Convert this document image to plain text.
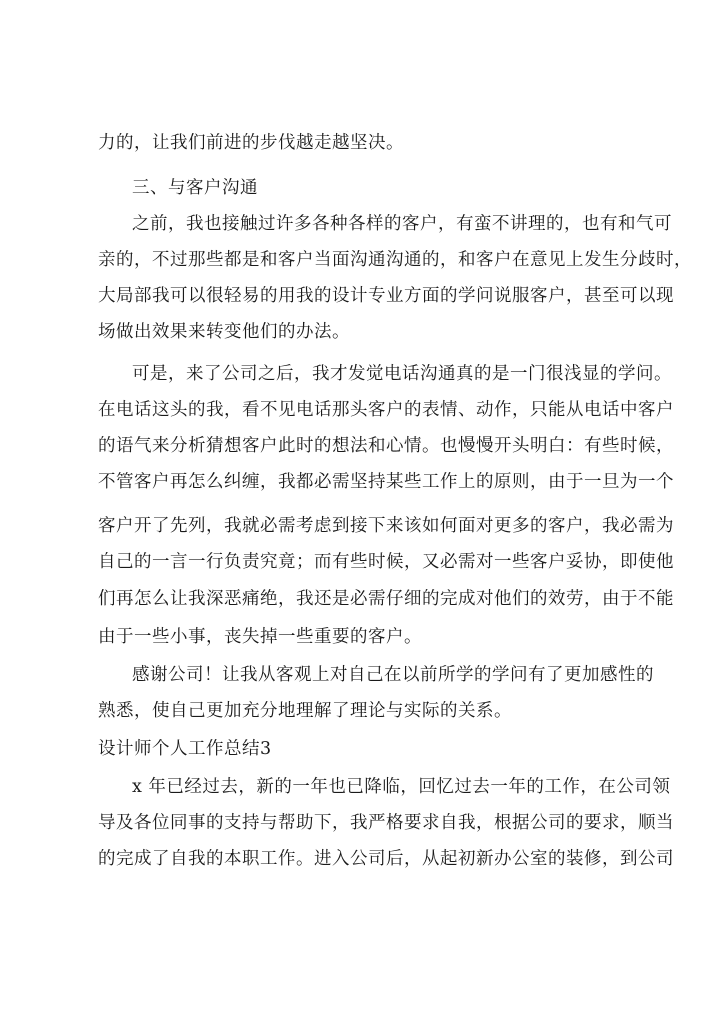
力的，让我们前进的步伐越走越坚决。
三、与客户沟通
之前，我也接触过许多各种各样的客户，有蛮不讲理的，也有和气可
亲的，不过那些都是和客户当面沟通沟通的，和客户在意见上发生分歧时，
大局部我可以很轻易的用我的设计专业方面的学问说服客户，甚至可以现
场做出效果来转变他们的办法。
可是，来了公司之后，我才发觉电话沟通真的是一门很浅显的学问。
在电话这头的我，看不见电话那头客户的表情、动作，只能从电话中客户
的语气来分析猜想客户此时的想法和心情。也慢慢开头明白：有些时候，
不管客户再怎么纠缠，我都必需坚持某些工作上的原则，由于一旦为一个
客户开了先列，我就必需考虑到接下来该如何面对更多的客户，我必需为
自己的一言一行负责究竟；而有些时候，又必需对一些客户妥协，即使他
们再怎么让我深恶痛绝，我还是必需仔细的完成对他们的效劳，由于不能
由于一些小事，丧失掉一些重要的客户。
感谢公司！让我从客观上对自己在以前所学的学问有了更加感性的
熟悉，使自己更加充分地理解了理论与实际的关系。
设计师个人工作总结3
x 年已经过去，新的一年也已降临，回忆过去一年的工作，在公司领
导及各位同事的支持与帮助下，我严格要求自我，根据公司的要求，顺当
的完成了自我的本职工作。进入公司后，从起初新办公室的装修，到公司
